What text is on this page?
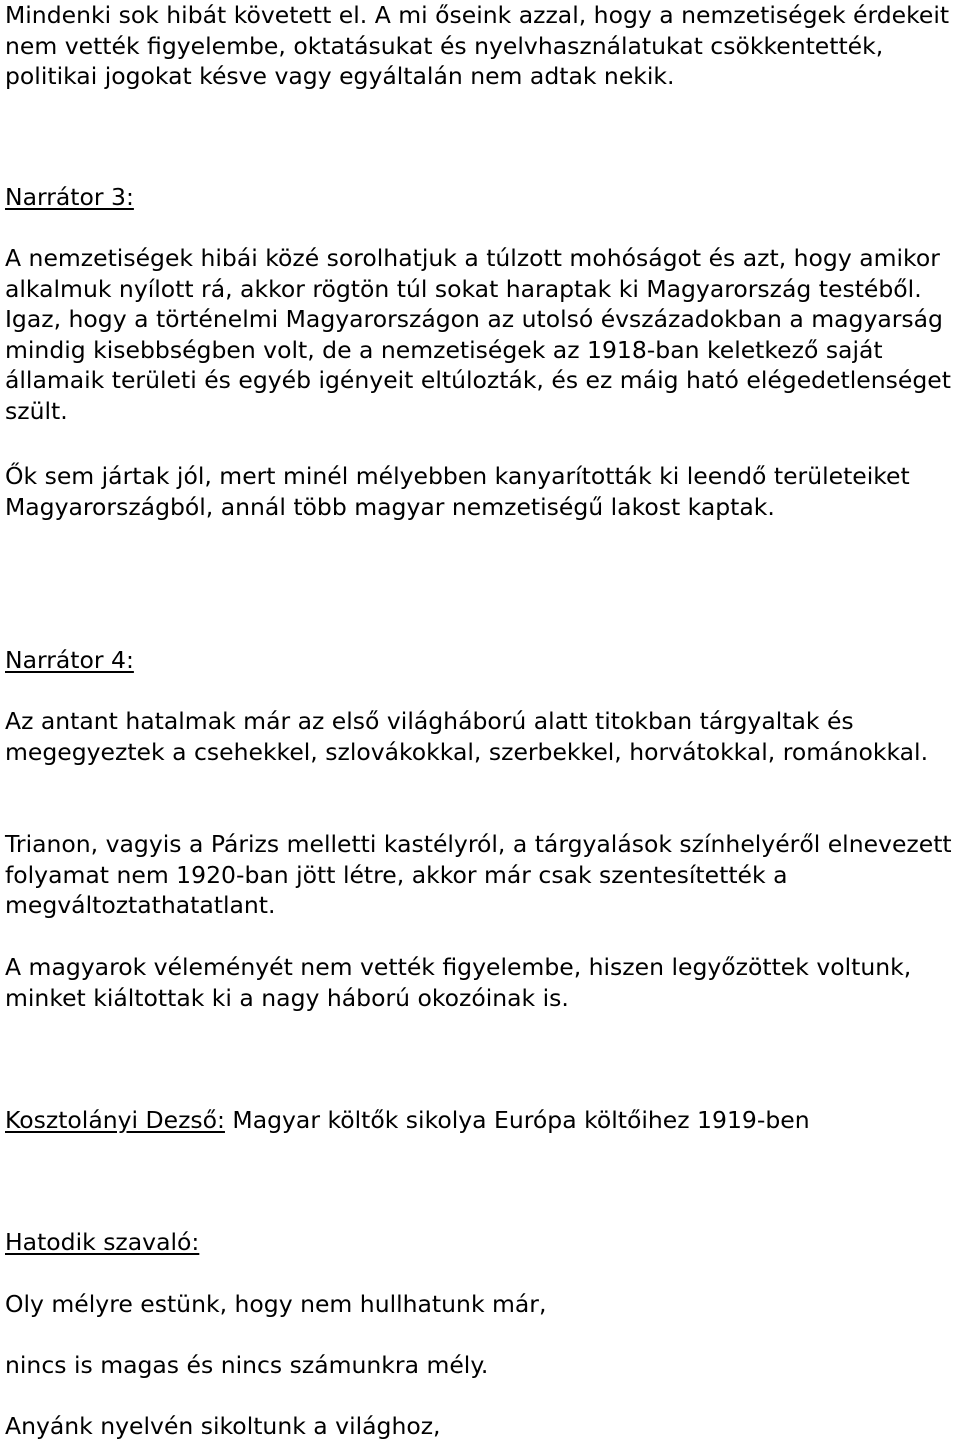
Mindenki sok hibát követett el. A mi őseink azzal, hogy a nemzetiségek érdekeit nem vették figyelembe, oktatásukat és nyelvhasználatukat csökkentették, politikai jogokat késve vagy egyáltalán nem adtak nekik.

Narrátor 3:

A nemzetiségek hibái közé sorolhatjuk a túlzott mohóságot és azt, hogy amikor alkalmuk nyílott rá, akkor rögtön túl sokat haraptak ki Magyarország testéből. Igaz, hogy a történelmi Magyarországon az utolsó évszázadokban a magyarság mindig kisebbségben volt, de a nemzetiségek az 1918-ban keletkező saját államaik területi és egyéb igényeit eltúlozták, és ez máig ható elégedetlenséget szült.

Ők sem jártak jól, mert minél mélyebben kanyarították ki leendő területeiket Magyarországból, annál több magyar nemzetiségű lakost kaptak.

Narrátor 4:

Az antant hatalmak már az első világháború alatt titokban tárgyaltak és megegyeztek a csehekkel, szlovákokkal, szerbekkel, horvátokkal, románokkal.

Trianon, vagyis a Párizs melletti kastélyról, a tárgyalások színhelyéről elnevezett folyamat nem 1920-ban jött létre, akkor már csak szentesítették a megváltoztathatatlant.

A magyarok véleményét nem vették figyelembe, hiszen legyőzöttek voltunk, minket kiáltottak ki a nagy háború okozóinak is.

Kosztolányi Dezső: Magyar költők sikolya Európa költőihez 1919-ben

Hatodik szavaló:

Oly mélyre estünk, hogy nem hullhatunk már,

nincs is magas és nincs számunkra mély.

Anyánk nyelvén sikoltunk a világhoz,
